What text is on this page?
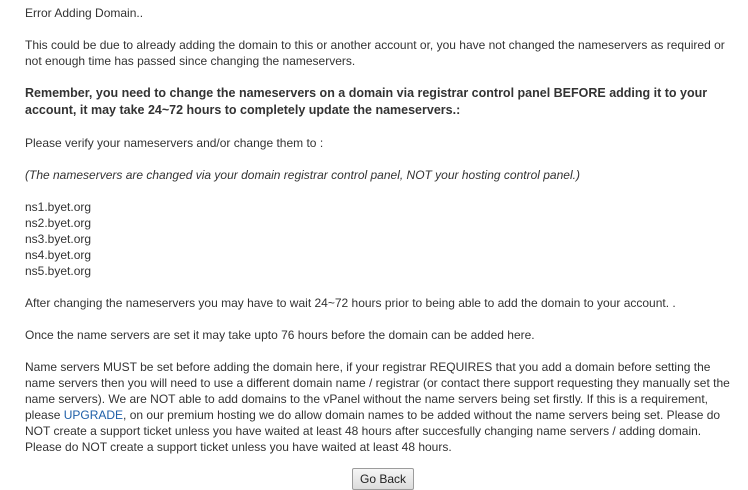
Error Adding Domain..

This could be due to already adding the domain to this or another account or, you have not changed the nameservers as required or not enough time has passed since changing the nameservers.

Remember, you need to change the nameservers on a domain via registrar control panel BEFORE adding it to your account, it may take 24~72 hours to completely update the nameservers.:

Please verify your nameservers and/or change them to :

(The nameservers are changed via your domain registrar control panel, NOT your hosting control panel.)

ns1.byet.org
ns2.byet.org
ns3.byet.org
ns4.byet.org
ns5.byet.org

After changing the nameservers you may have to wait 24~72 hours prior to being able to add the domain to your account. .

Once the name servers are set it may take upto 76 hours before the domain can be added here.

Name servers MUST be set before adding the domain here, if your registrar REQUIRES that you add a domain before setting the name servers then you will need to use a different domain name / registrar (or contact there support requesting they manually set the name servers). We are NOT able to add domains to the vPanel without the name servers being set firstly. If this is a requirement, please UPGRADE, on our premium hosting we do allow domain names to be added without the name servers being set. Please do NOT create a support ticket unless you have waited at least 48 hours after succesfully changing name servers / adding domain. Please do NOT create a support ticket unless you have waited at least 48 hours.

Go Back
